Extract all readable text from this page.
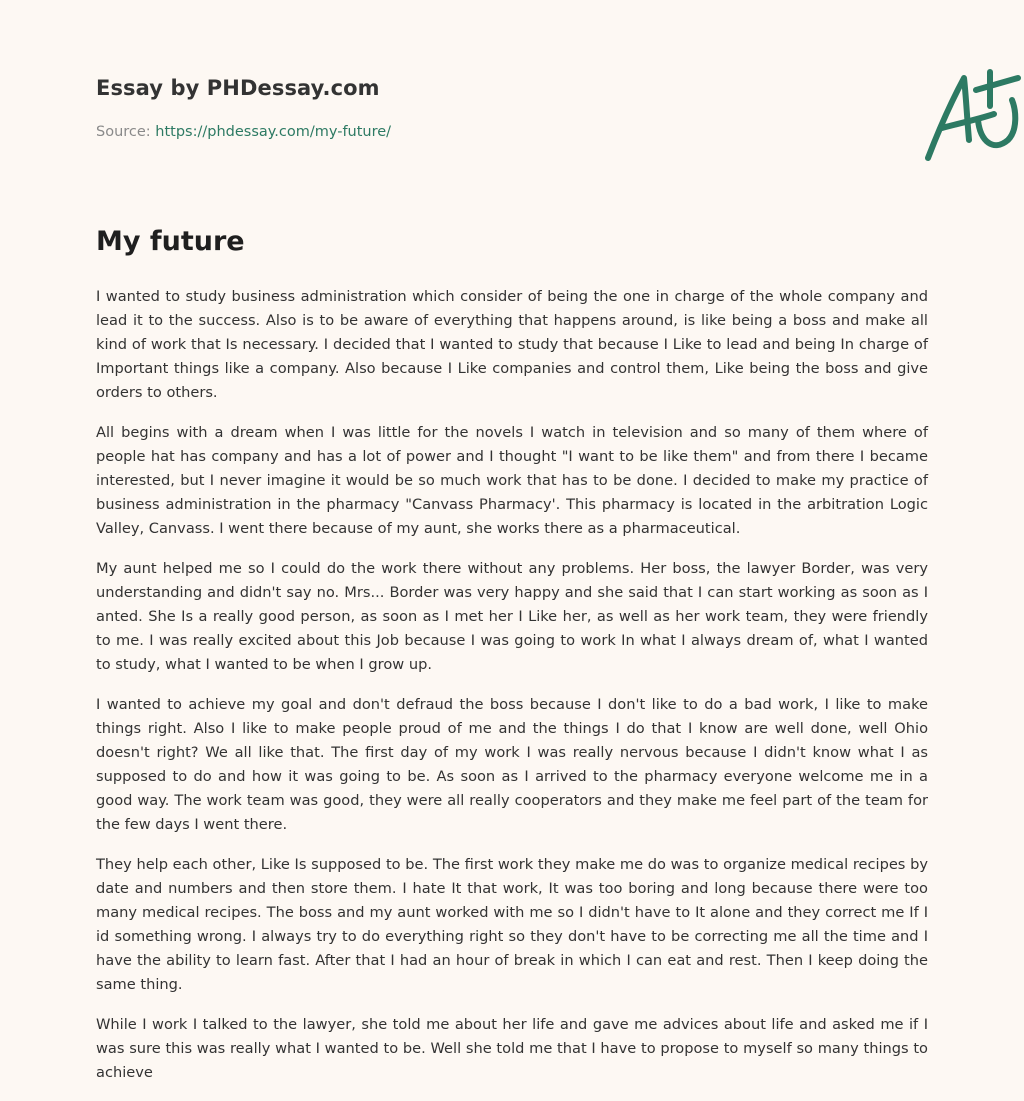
Essay by PHDessay.com
Source: https://phdessay.com/my-future/
My future

I wanted to study business administration which consider of being the one in charge of the whole company and lead it to the success. Also is to be aware of everything that happens around, is like being a boss and make all kind of work that Is necessary. I decided that I wanted to study that because I Like to lead and being In charge of Important things like a company. Also because I Like companies and control them, Like being the boss and give orders to others.

All begins with a dream when I was little for the novels I watch in television and so many of them where of people hat has company and has a lot of power and I thought "I want to be like them" and from there I became interested, but I never imagine it would be so much work that has to be done. I decided to make my practice of business administration in the pharmacy "Canvass Pharmacy'. This pharmacy is located in the arbitration Logic Valley, Canvass. I went there because of my aunt, she works there as a pharmaceutical.

My aunt helped me so I could do the work there without any problems. Her boss, the lawyer Border, was very understanding and didn't say no. Mrs... Border was very happy and she said that I can start working as soon as I anted. She Is a really good person, as soon as I met her I Like her, as well as her work team, they were friendly to me. I was really excited about this Job because I was going to work In what I always dream of, what I wanted to study, what I wanted to be when I grow up.

I wanted to achieve my goal and don't defraud the boss because I don't like to do a bad work, I like to make things right. Also I like to make people proud of me and the things I do that I know are well done, well Ohio doesn't right? We all like that. The first day of my work I was really nervous because I didn't know what I as supposed to do and how it was going to be. As soon as I arrived to the pharmacy everyone welcome me in a good way. The work team was good, they were all really cooperators and they make me feel part of the team for the few days I went there.

They help each other, Like Is supposed to be. The first work they make me do was to organize medical recipes by date and numbers and then store them. I hate It that work, It was too boring and long because there were too many medical recipes. The boss and my aunt worked with me so I didn't have to It alone and they correct me If I id something wrong. I always try to do everything right so they don't have to be correcting me all the time and I have the ability to learn fast. After that I had an hour of break in which I can eat and rest. Then I keep doing the same thing.

While I work I talked to the lawyer, she told me about her life and gave me advices about life and asked me if I was sure this was really what I wanted to be. Well she told me that I have to propose to myself so many things to achieve
